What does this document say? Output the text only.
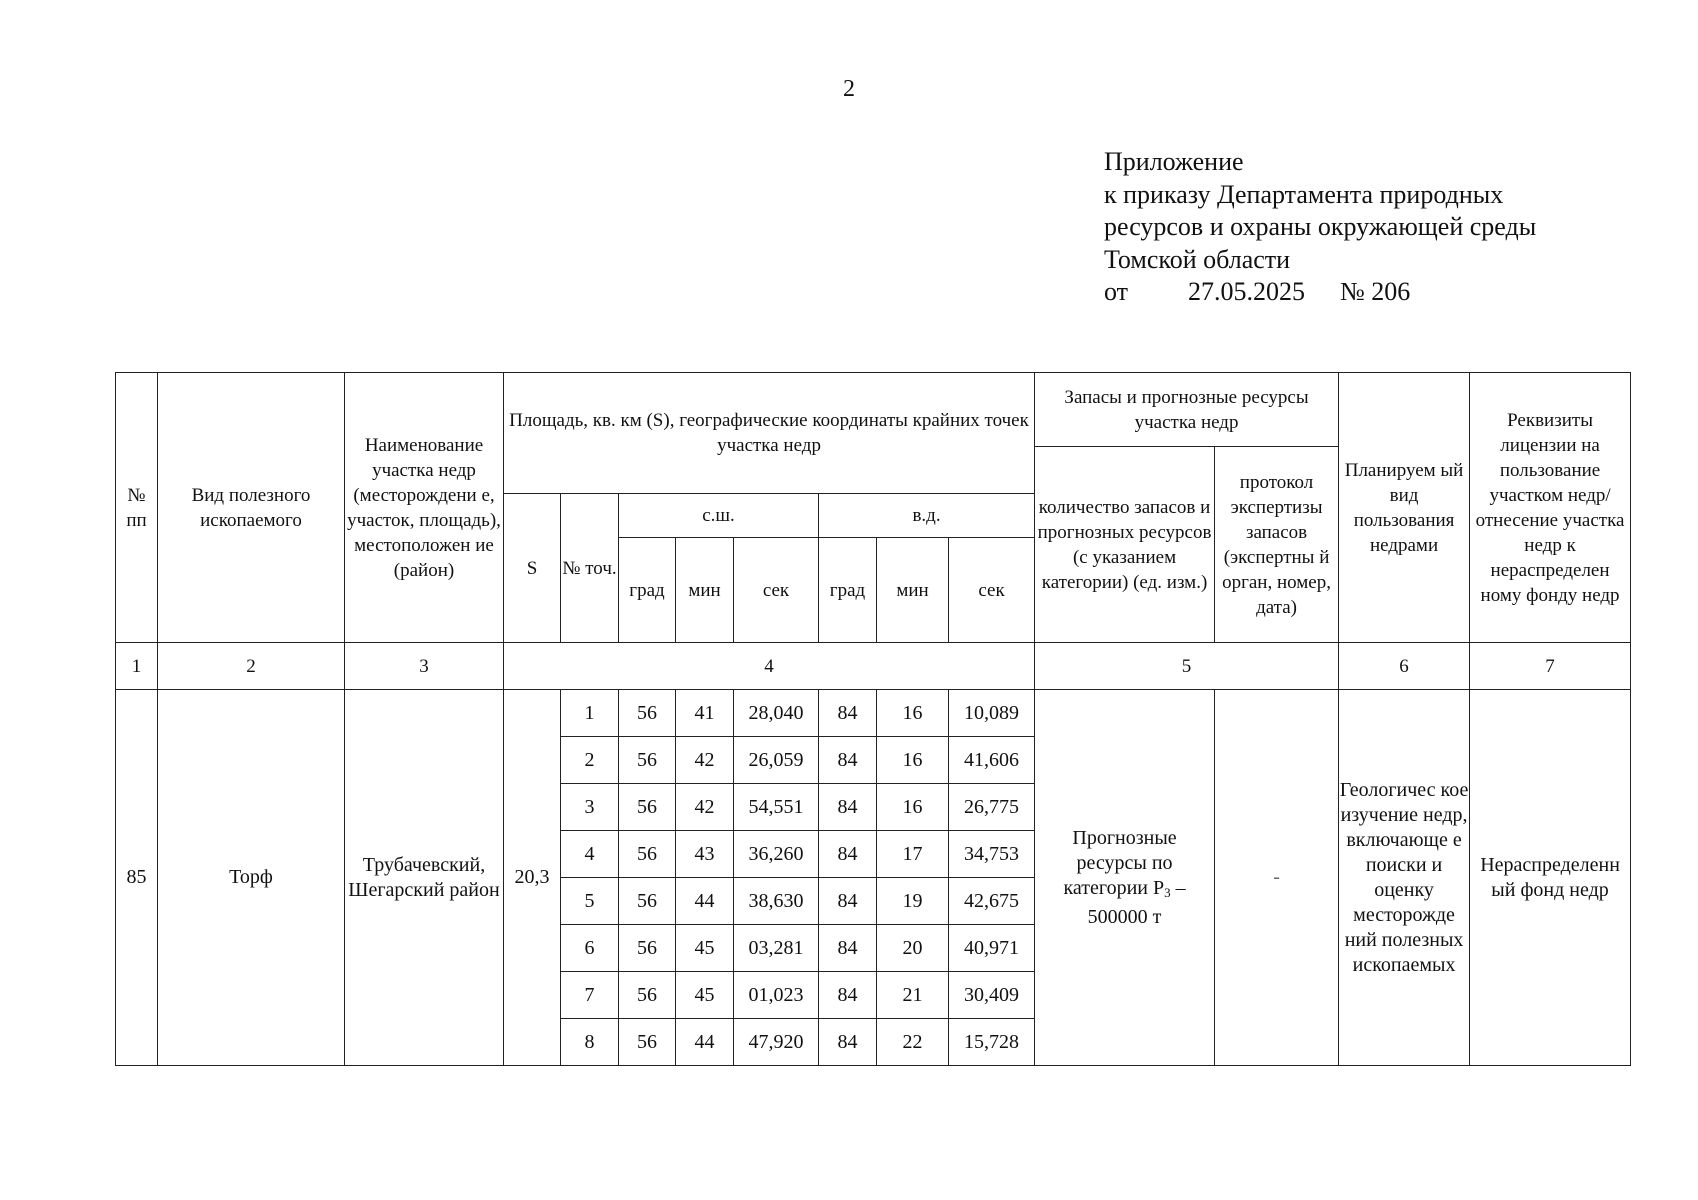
2
Приложение
к приказу Департамента природных
ресурсов и охраны окружающей среды
Томской области
от 27.05.2025 № 206
№ пп	Вид полезного ископаемого	Наименование участка недр (месторождени е, участок, площадь), местоположен ие (район)	Площадь, кв. км (S), географические координаты крайних точек участка недр								Запасы и прогнозные ресурсы участка недр		Планируем ый вид пользования недрами	Реквизиты лицензии на пользование участком недр/ отнесение участка недр к нераспределен ному фонду недр
											количество запасов и прогнозных ресурсов (с указанием категории) (ед. изм.)	протокол экспертизы запасов (экспертны й орган, номер, дата)		
			S	№ точ.	с.ш.			в.д.						
					град	мин	сек	град	мин	сек				
1	2	3	4								5		6	7
85	Торф	Трубачевский, Шегарский район	20,3	1	56	41	28,040	84	16	10,089	Прогнозные ресурсы по категории $Р_3 - 500000$ т	-	Геологичес кое изучение недр, включающе е поиски и оценку месторожде ний полезных ископаемых	Нераспределенн ый фонд недр
				2	56	42	26,059	84	16	41,606				
				3	56	42	54,551	84	16	26,775				
				4	56	43	36,260	84	17	34,753				
				5	56	44	38,630	84	19	42,675				
				6	56	45	03,281	84	20	40,971				
				7	56	45	01,023	84	21	30,409				
				8	56	44	47,920	84	22	15,728				
